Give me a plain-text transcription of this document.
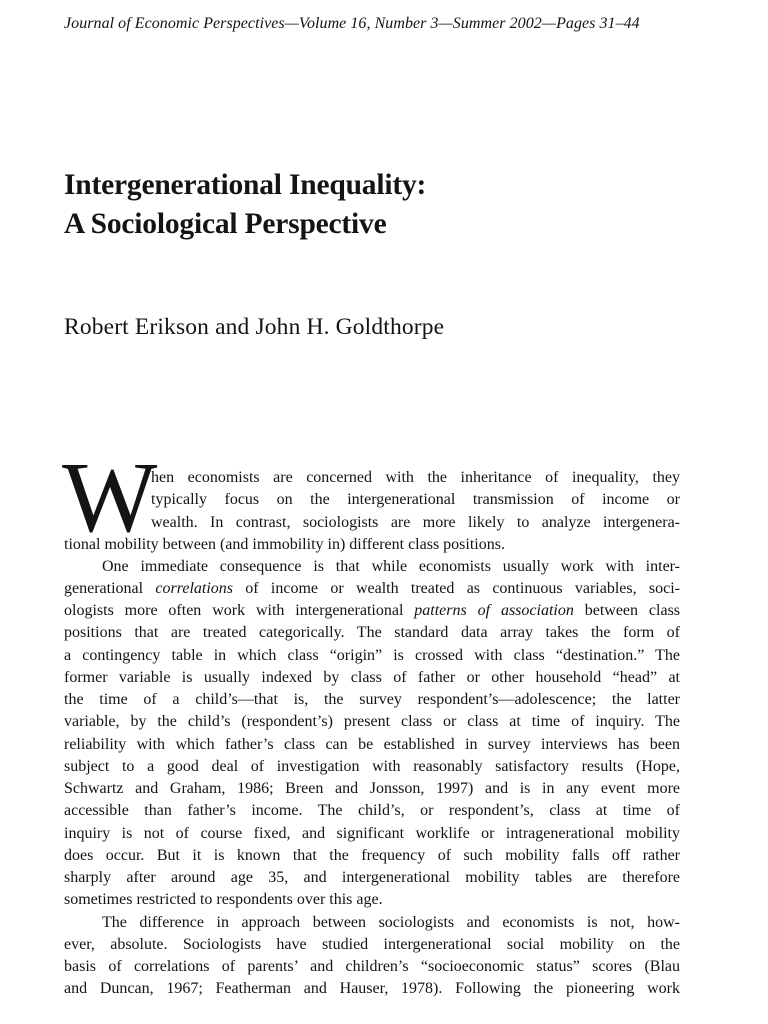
Journal of Economic Perspectives—Volume 16, Number 3—Summer 2002—Pages 31–44
Intergenerational Inequality:
A Sociological Perspective
Robert Erikson and John H. Goldthorpe
W
hen economists are concerned with the inheritance of inequality, they
typically focus on the intergenerational transmission of income or
wealth. In contrast, sociologists are more likely to analyze intergenera-
tional mobility between (and immobility in) different class positions.
One immediate consequence is that while economists usually work with inter-
generational correlations of income or wealth treated as continuous variables, soci-
ologists more often work with intergenerational patterns of association between class
positions that are treated categorically. The standard data array takes the form of
a contingency table in which class “origin” is crossed with class “destination.” The
former variable is usually indexed by class of father or other household “head” at
the time of a child’s—that is, the survey respondent’s—adolescence; the latter
variable, by the child’s (respondent’s) present class or class at time of inquiry. The
reliability with which father’s class can be established in survey interviews has been
subject to a good deal of investigation with reasonably satisfactory results (Hope,
Schwartz and Graham, 1986; Breen and Jonsson, 1997) and is in any event more
accessible than father’s income. The child’s, or respondent’s, class at time of
inquiry is not of course fixed, and significant worklife or intragenerational mobility
does occur. But it is known that the frequency of such mobility falls off rather
sharply after around age 35, and intergenerational mobility tables are therefore
sometimes restricted to respondents over this age.
The difference in approach between sociologists and economists is not, how-
ever, absolute. Sociologists have studied intergenerational social mobility on the
basis of correlations of parents’ and children’s “socioeconomic status” scores (Blau
and Duncan, 1967; Featherman and Hauser, 1978). Following the pioneering work
